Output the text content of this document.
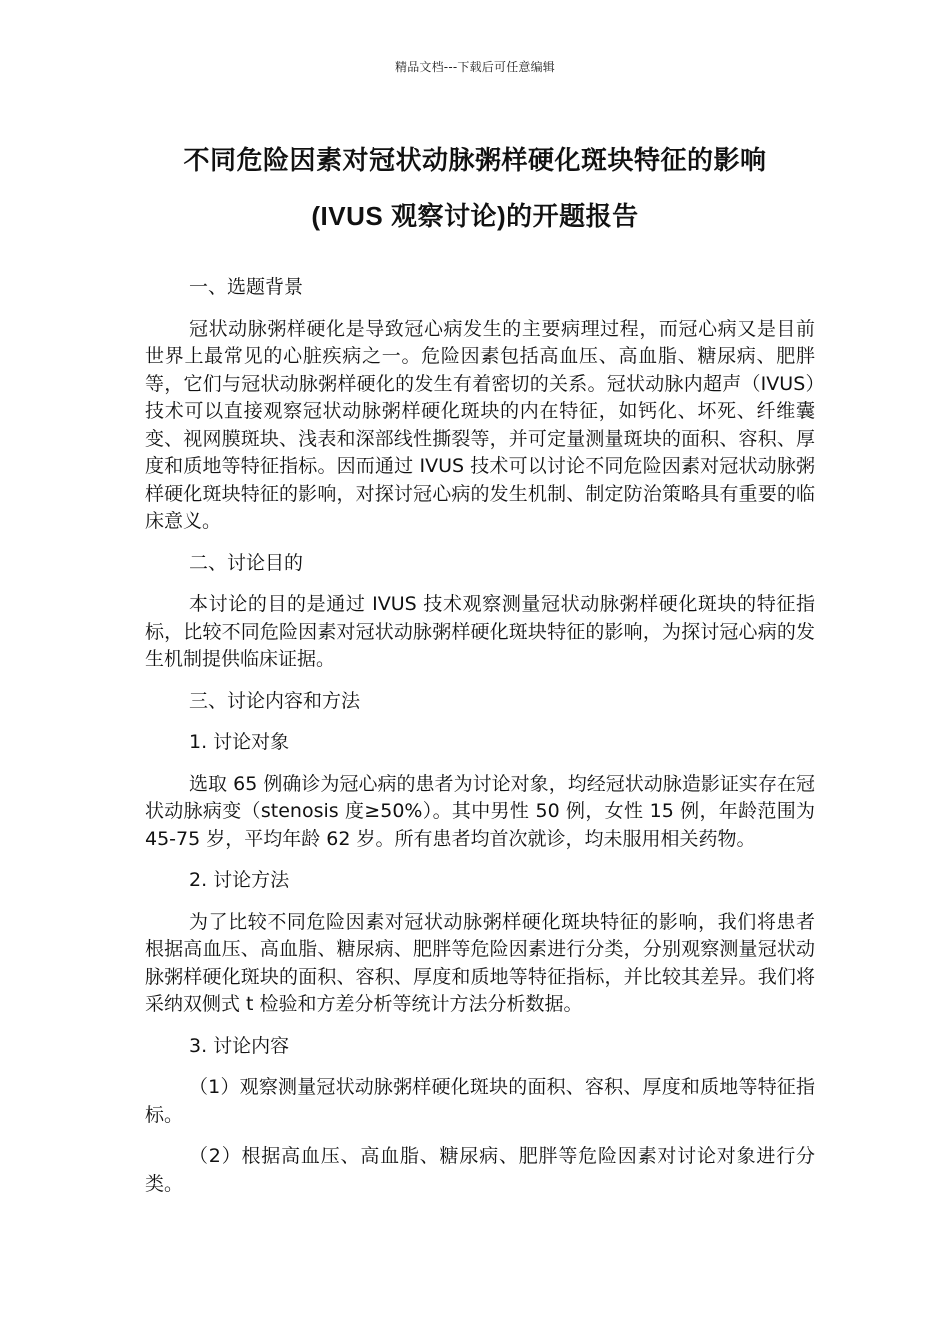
精品文档---下载后可任意编辑
不同危险因素对冠状动脉粥样硬化斑块特征的影响
(IVUS 观察讨论)的开题报告

一、选题背景

冠状动脉粥样硬化是导致冠心病发生的主要病理过程，而冠心病又是目前世界上最常见的心脏疾病之一。危险因素包括高血压、高血脂、糖尿病、肥胖等，它们与冠状动脉粥样硬化的发生有着密切的关系。冠状动脉内超声（IVUS）技术可以直接观察冠状动脉粥样硬化斑块的内在特征，如钙化、坏死、纤维囊变、视网膜斑块、浅表和深部线性撕裂等，并可定量测量斑块的面积、容积、厚度和质地等特征指标。因而通过 IVUS 技术可以讨论不同危险因素对冠状动脉粥样硬化斑块特征的影响，对探讨冠心病的发生机制、制定防治策略具有重要的临床意义。

二、讨论目的

本讨论的目的是通过 IVUS 技术观察测量冠状动脉粥样硬化斑块的特征指标，比较不同危险因素对冠状动脉粥样硬化斑块特征的影响，为探讨冠心病的发生机制提供临床证据。

三、讨论内容和方法

1. 讨论对象

选取 65 例确诊为冠心病的患者为讨论对象，均经冠状动脉造影证实存在冠状动脉病变（stenosis 度≥50%）。其中男性 50 例，女性 15 例，年龄范围为 45-75 岁，平均年龄 62 岁。所有患者均首次就诊，均未服用相关药物。

2. 讨论方法

为了比较不同危险因素对冠状动脉粥样硬化斑块特征的影响，我们将患者根据高血压、高血脂、糖尿病、肥胖等危险因素进行分类，分别观察测量冠状动脉粥样硬化斑块的面积、容积、厚度和质地等特征指标，并比较其差异。我们将采纳双侧式 t 检验和方差分析等统计方法分析数据。

3. 讨论内容

（1）观察测量冠状动脉粥样硬化斑块的面积、容积、厚度和质地等特征指标。

（2）根据高血压、高血脂、糖尿病、肥胖等危险因素对讨论对象进行分类。
